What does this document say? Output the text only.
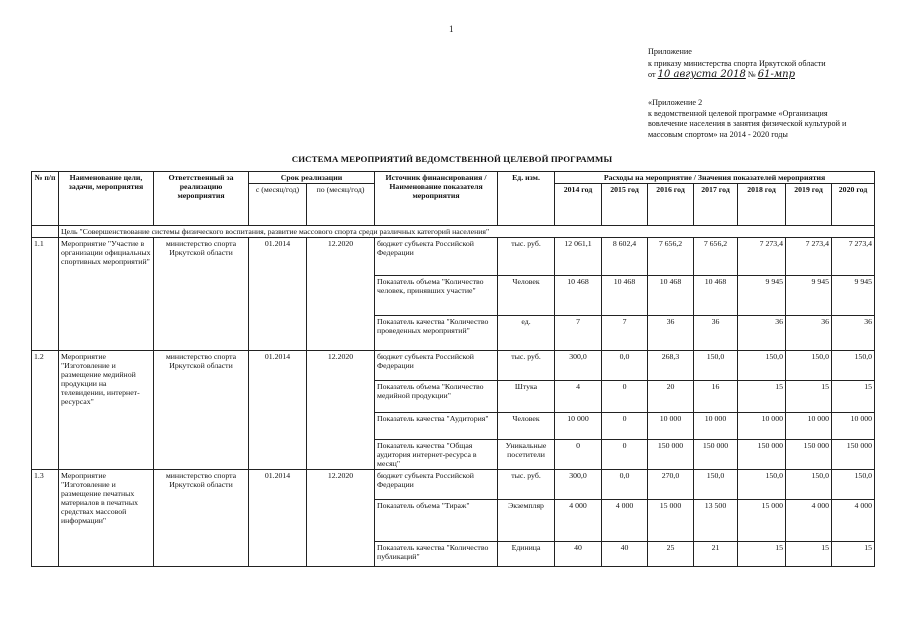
1
Приложение
к приказу министерства спорта Иркутской области
от 10 августа 2018 № 61-мпр
«Приложение 2
к ведомственной целевой программе «Организация
вовлечение населения в занятия физической культурой и
массовым спортом» на 2014 - 2020 годы
СИСТЕМА МЕРОПРИЯТИЙ ВЕДОМСТВЕННОЙ ЦЕЛЕВОЙ ПРОГРАММЫ
№ п/п	Наименование цели, задачи, мероприятия	Ответственный за реализацию мероприятия	Срок реализации		Источник финансирования / Наименование показателя мероприятия	Ед. изм.	Расходы на мероприятие / Значения показателей мероприятия						
			с (месяц/год)	по (месяц/год)			2014 год	2015 год	2016 год	2017 год	2018 год	2019 год	2020 год
	Цель "Совершенствование системы физического воспитания, развитие массового спорта среди различных категорий населения"												
1.1	Мероприятие "Участие в организации официальных спортивных мероприятий"	министерство спорта Иркутской области	01.2014	12.2020	бюджет субъекта Российской Федерации	тыс. руб.	12 061,1	8 602,4	7 656,2	7 656,2	7 273,4	7 273,4	7 273,4
					Показатель объема "Количество человек, принявших участие"	Человек	10 468	10 468	10 468	10 468	9 945	9 945	9 945
					Показатель качества "Количество проведенных мероприятий"	ед.	7	7	36	36	36	36	36
1.2	Мероприятие "Изготовление и размещение медийной продукции на телевидении, интернет-ресурсах"	министерство спорта Иркутской области	01.2014	12.2020	бюджет субъекта Российской Федерации	тыс. руб.	300,0	0,0	268,3	150,0	150,0	150,0	150,0
					Показатель объема "Количество медийной продукции"	Штука	4	0	20	16	15	15	15
					Показатель качества "Аудитория"	Человек	10 000	0	10 000	10 000	10 000	10 000	10 000
					Показатель качества "Общая аудитория интернет-ресурса в месяц"	Уникальные посетители	0	0	150 000	150 000	150 000	150 000	150 000
1.3	Мероприятие "Изготовление и размещение печатных материалов в печатных средствах массовой информации"	министерство спорта Иркутской области	01.2014	12.2020	бюджет субъекта Российской Федерации	тыс. руб.	300,0	0,0	270,0	150,0	150,0	150,0	150,0
					Показатель объема "Тираж"	Экземпляр	4 000	4 000	15 000	13 500	15 000	4 000	4 000
					Показатель качества "Количество публикаций"	Единица	40	40	25	21	15	15	15
